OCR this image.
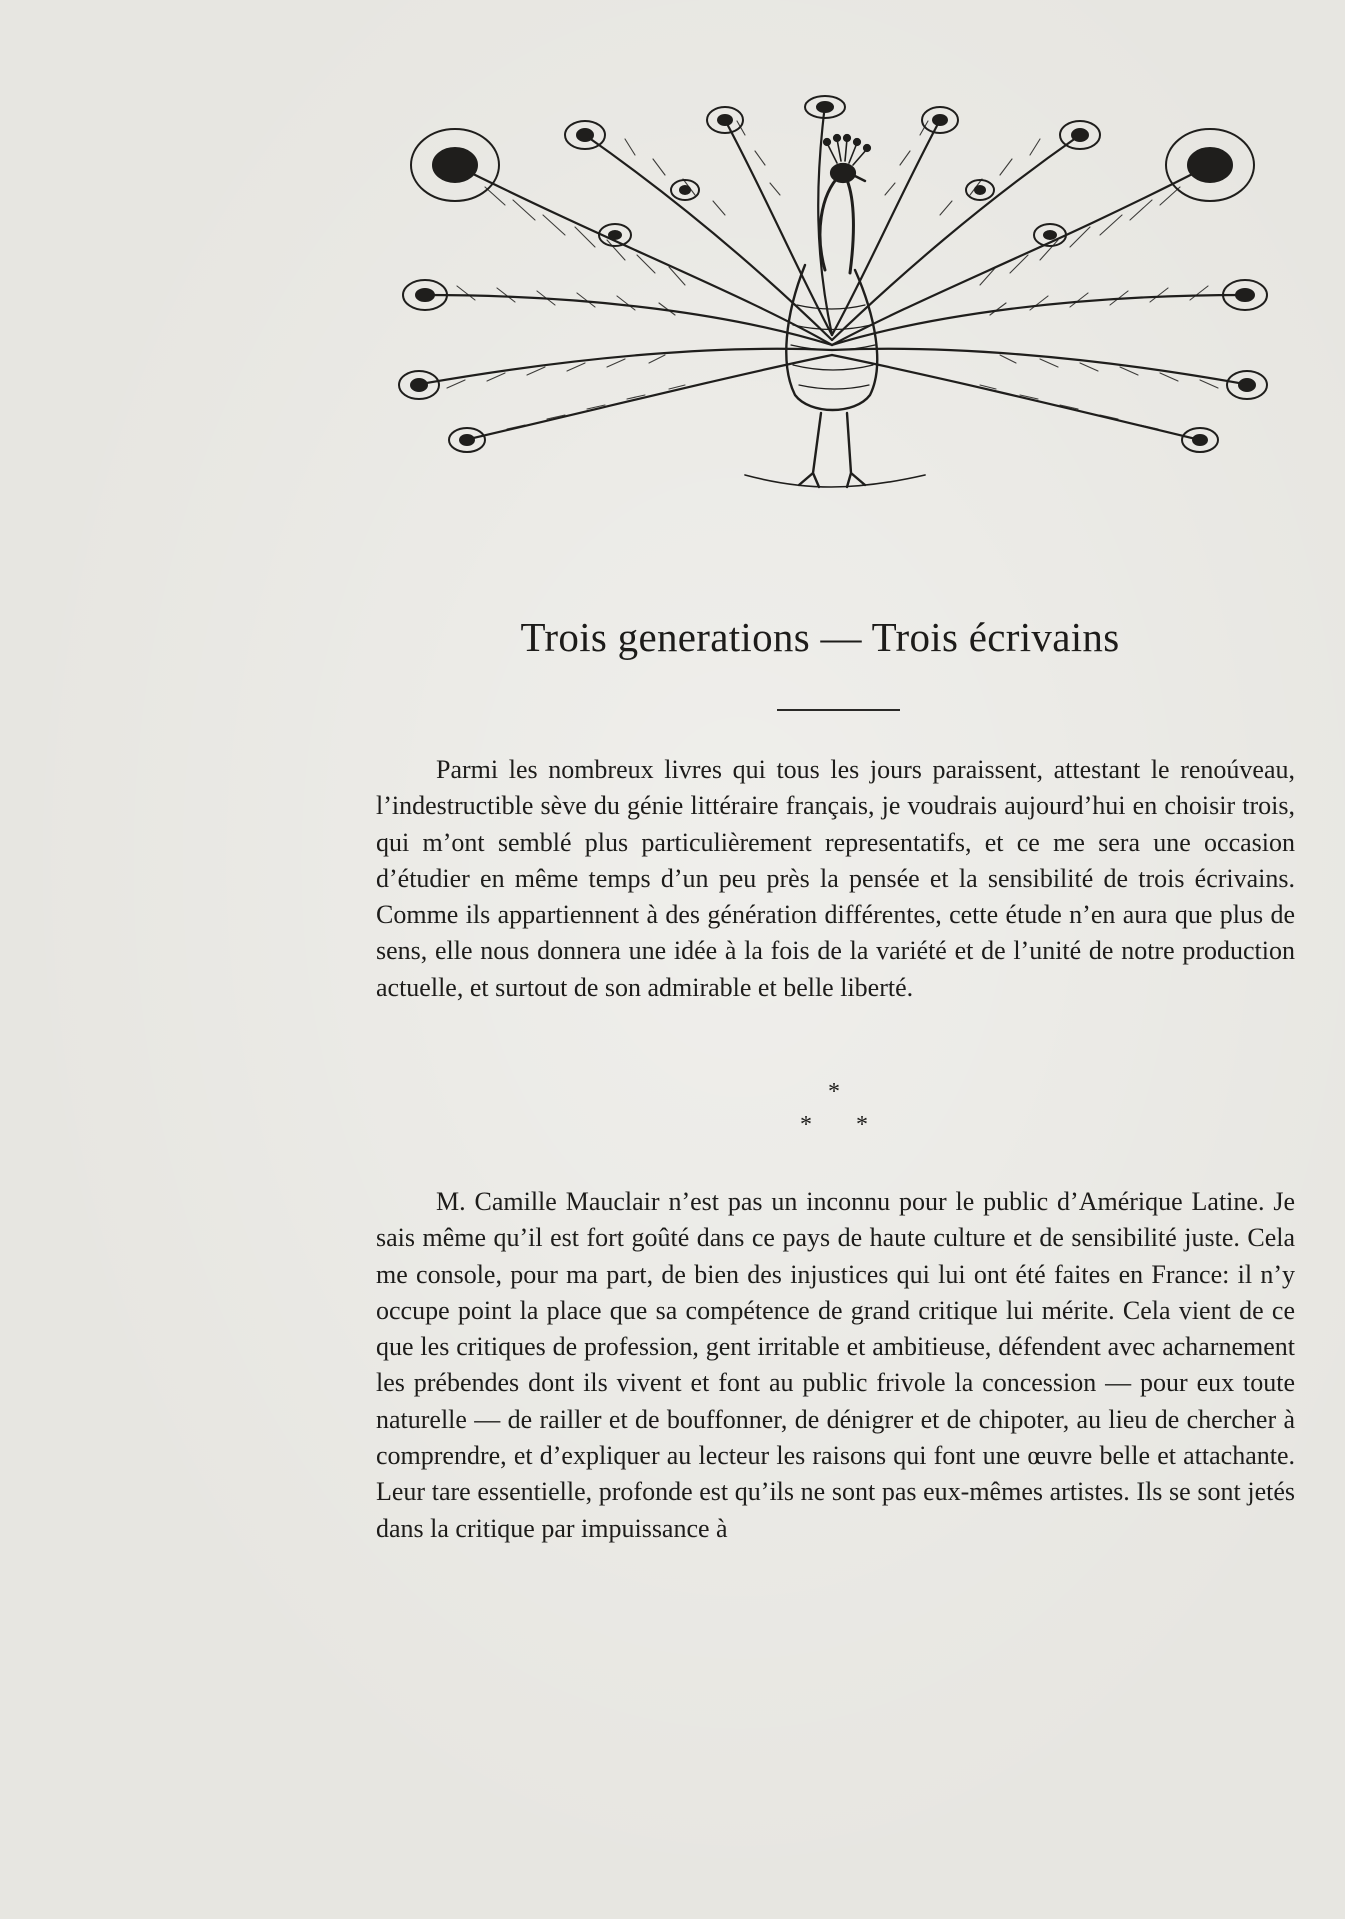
Trois generations — Trois écrivains

Parmi les nombreux livres qui tous les jours paraissent, attestant le renoúveau, l’indestructible sève du génie littéraire français, je voudrais aujourd’hui en choisir trois, qui m’ont semblé plus particulièrement representatifs, et ce me sera une occasion d’étudier en même temps d’un peu près la pensée et la sensibilité de trois écrivains. Comme ils appartiennent à des génération différentes, cette étude n’en aura que plus de sens, elle nous donnera une idée à la fois de la variété et de l’unité de notre production actuelle, et surtout de son admirable et belle liberté.

*
* *

M. Camille Mauclair n’est pas un inconnu pour le public d’Amérique Latine. Je sais même qu’il est fort goûté dans ce pays de haute culture et de sensibilité juste. Cela me console, pour ma part, de bien des injustices qui lui ont été faites en France: il n’y occupe point la place que sa compétence de grand critique lui mérite. Cela vient de ce que les critiques de profession, gent irritable et ambitieuse, défendent avec acharnement les prébendes dont ils vivent et font au public frivole la concession — pour eux toute naturelle — de railler et de bouffonner, de dénigrer et de chipoter, au lieu de chercher à comprendre, et d’expliquer au lecteur les raisons qui font une œuvre belle et attachante. Leur tare essentielle, profonde est qu’ils ne sont pas eux-mêmes artistes. Ils se sont jetés dans la critique par impuissance à
